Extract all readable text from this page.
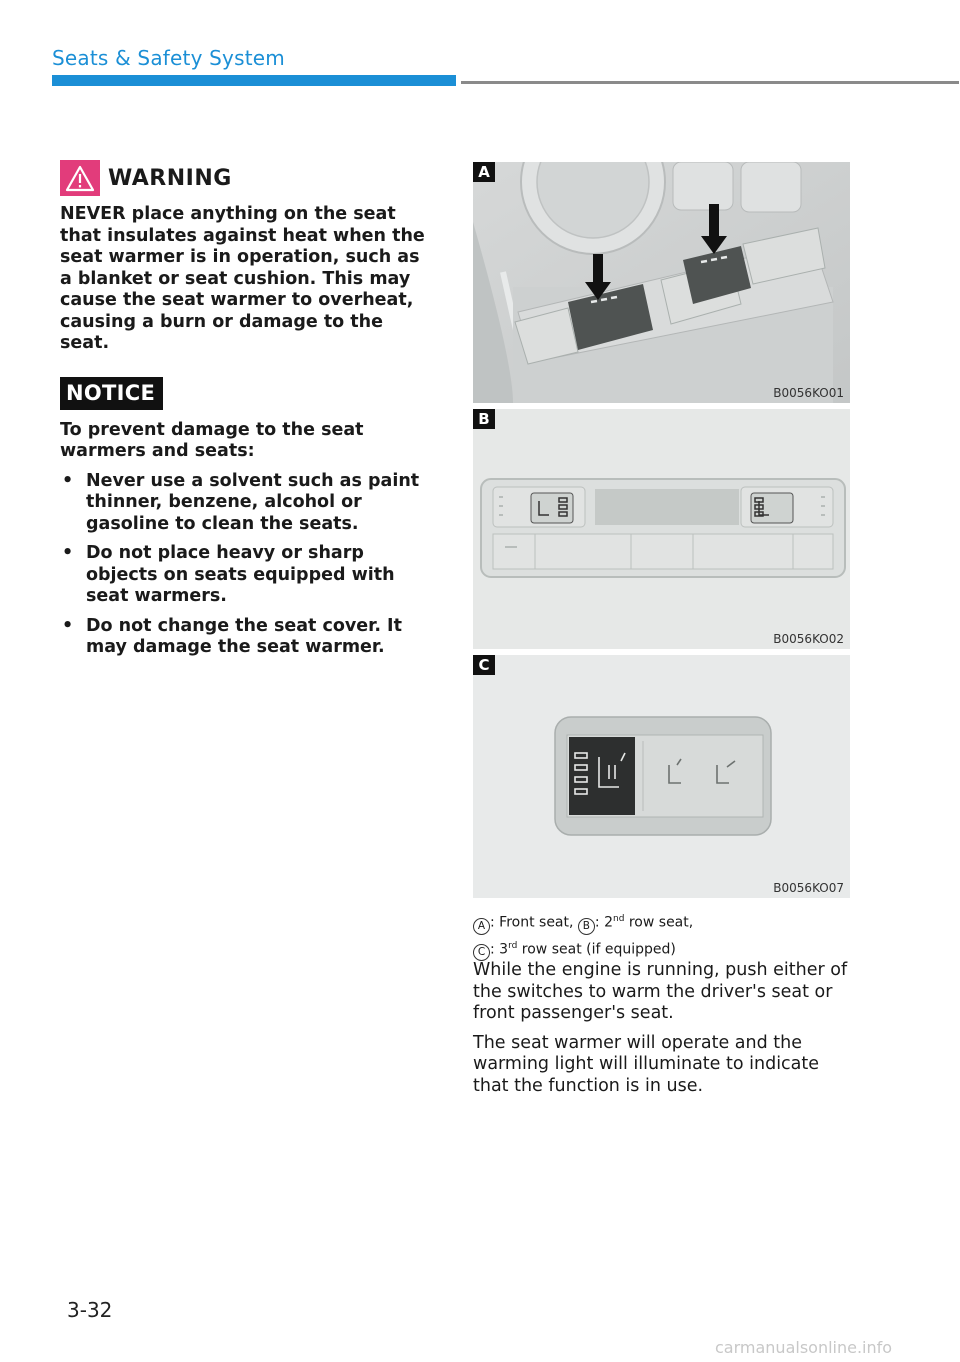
Seats & Safety System
WARNING
NEVER place anything on the seat that insulates against heat when the seat warmer is in operation, such as a blanket or seat cushion. This may cause the seat warmer to overheat, causing a burn or damage to the seat.
NOTICE
To prevent damage to the seat warmers and seats:
• Never use a solvent such as paint thinner, benzene, alcohol or gasoline to clean the seats.
• Do not place heavy or sharp objects on seats equipped with seat warmers.
• Do not change the seat cover. It may damage the seat warmer.
A
B0056KO01
B
B0056KO02
C
B0056KO07
A : Front seat, B : 2nd row seat,
C : 3rd row seat (if equipped)

While the engine is running, push either of the switches to warm the driver's seat or front passenger's seat.

The seat warmer will operate and the warming light will illuminate to indicate that the function is in use.

3-32
carmanualsonline.info
